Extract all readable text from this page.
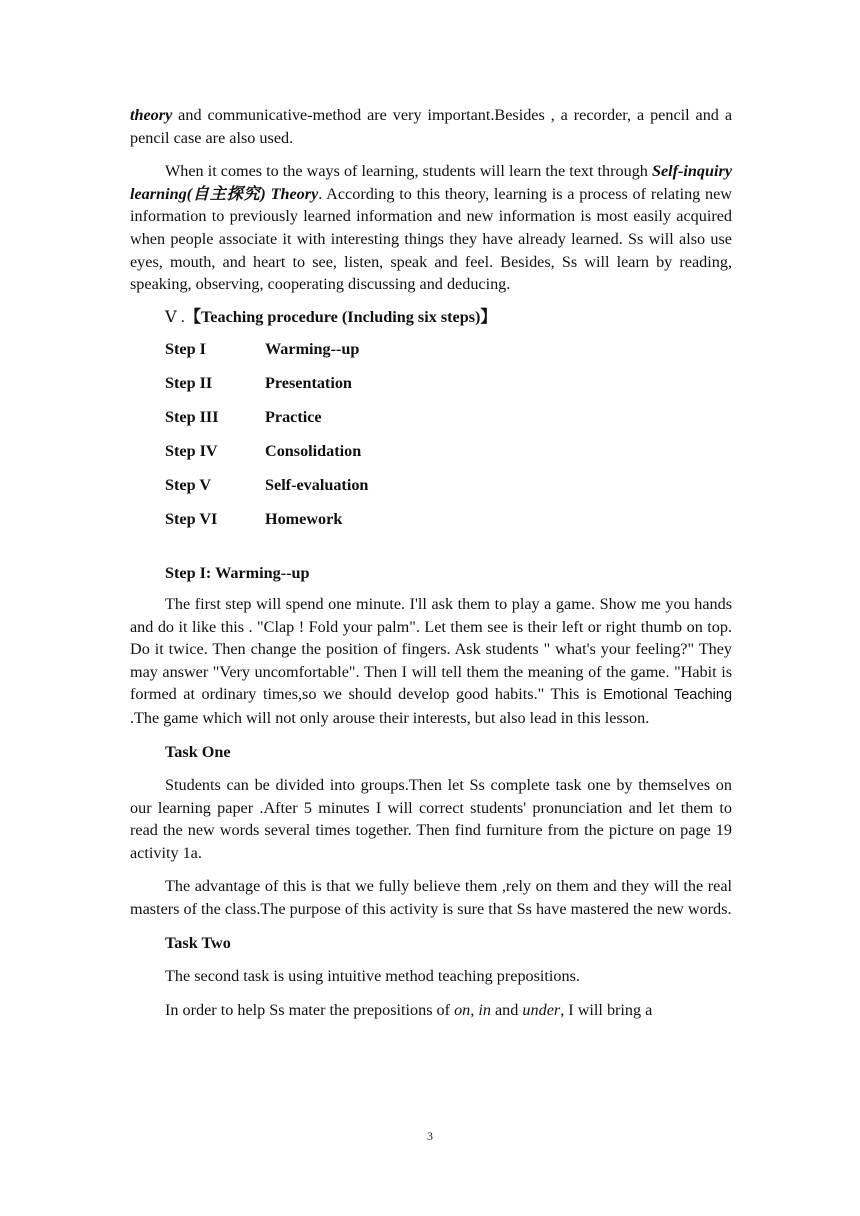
theory and communicative-method are very important.Besides , a recorder, a pencil and a pencil case are also used.

When it comes to the ways of learning, students will learn the text through Self-inquiry learning(自主探究) Theory. According to this theory, learning is a process of relating new information to previously learned information and new information is most easily acquired when people associate it with interesting things they have already learned. Ss will also use eyes, mouth, and heart to see, listen, speak and feel. Besides, Ss will learn by reading, speaking, observing, cooperating discussing and deducing.

Ⅴ .【Teaching procedure (Including six steps)】

Step I	Warming--up
Step II	Presentation
Step III	Practice
Step IV	Consolidation
Step V	Self-evaluation
Step VI	Homework

Step I: Warming--up

The first step will spend one minute. I'll ask them to play a game. Show me you hands and do it like this . "Clap ! Fold your palm". Let them see is their left or right thumb on top. Do it twice. Then change the position of fingers. Ask students " what's your feeling?" They may answer "Very uncomfortable". Then I will tell them the meaning of the game. "Habit is formed at ordinary times,so we should develop good habits." This is Emotional Teaching .The game which will not only arouse their interests, but also lead in this lesson.

Task One

Students can be divided into groups.Then let Ss complete task one by themselves on our learning paper .After 5 minutes I will correct students' pronunciation and let them to read the new words several times together. Then find furniture from the picture on page 19 activity 1a.

The advantage of this is that we fully believe them ,rely on them and they will the real masters of the class.The purpose of this activity is sure that Ss have mastered the new words.

Task Two

The second task is using intuitive method teaching prepositions.

In order to help Ss mater the prepositions of on, in and under, I will bring a

3
